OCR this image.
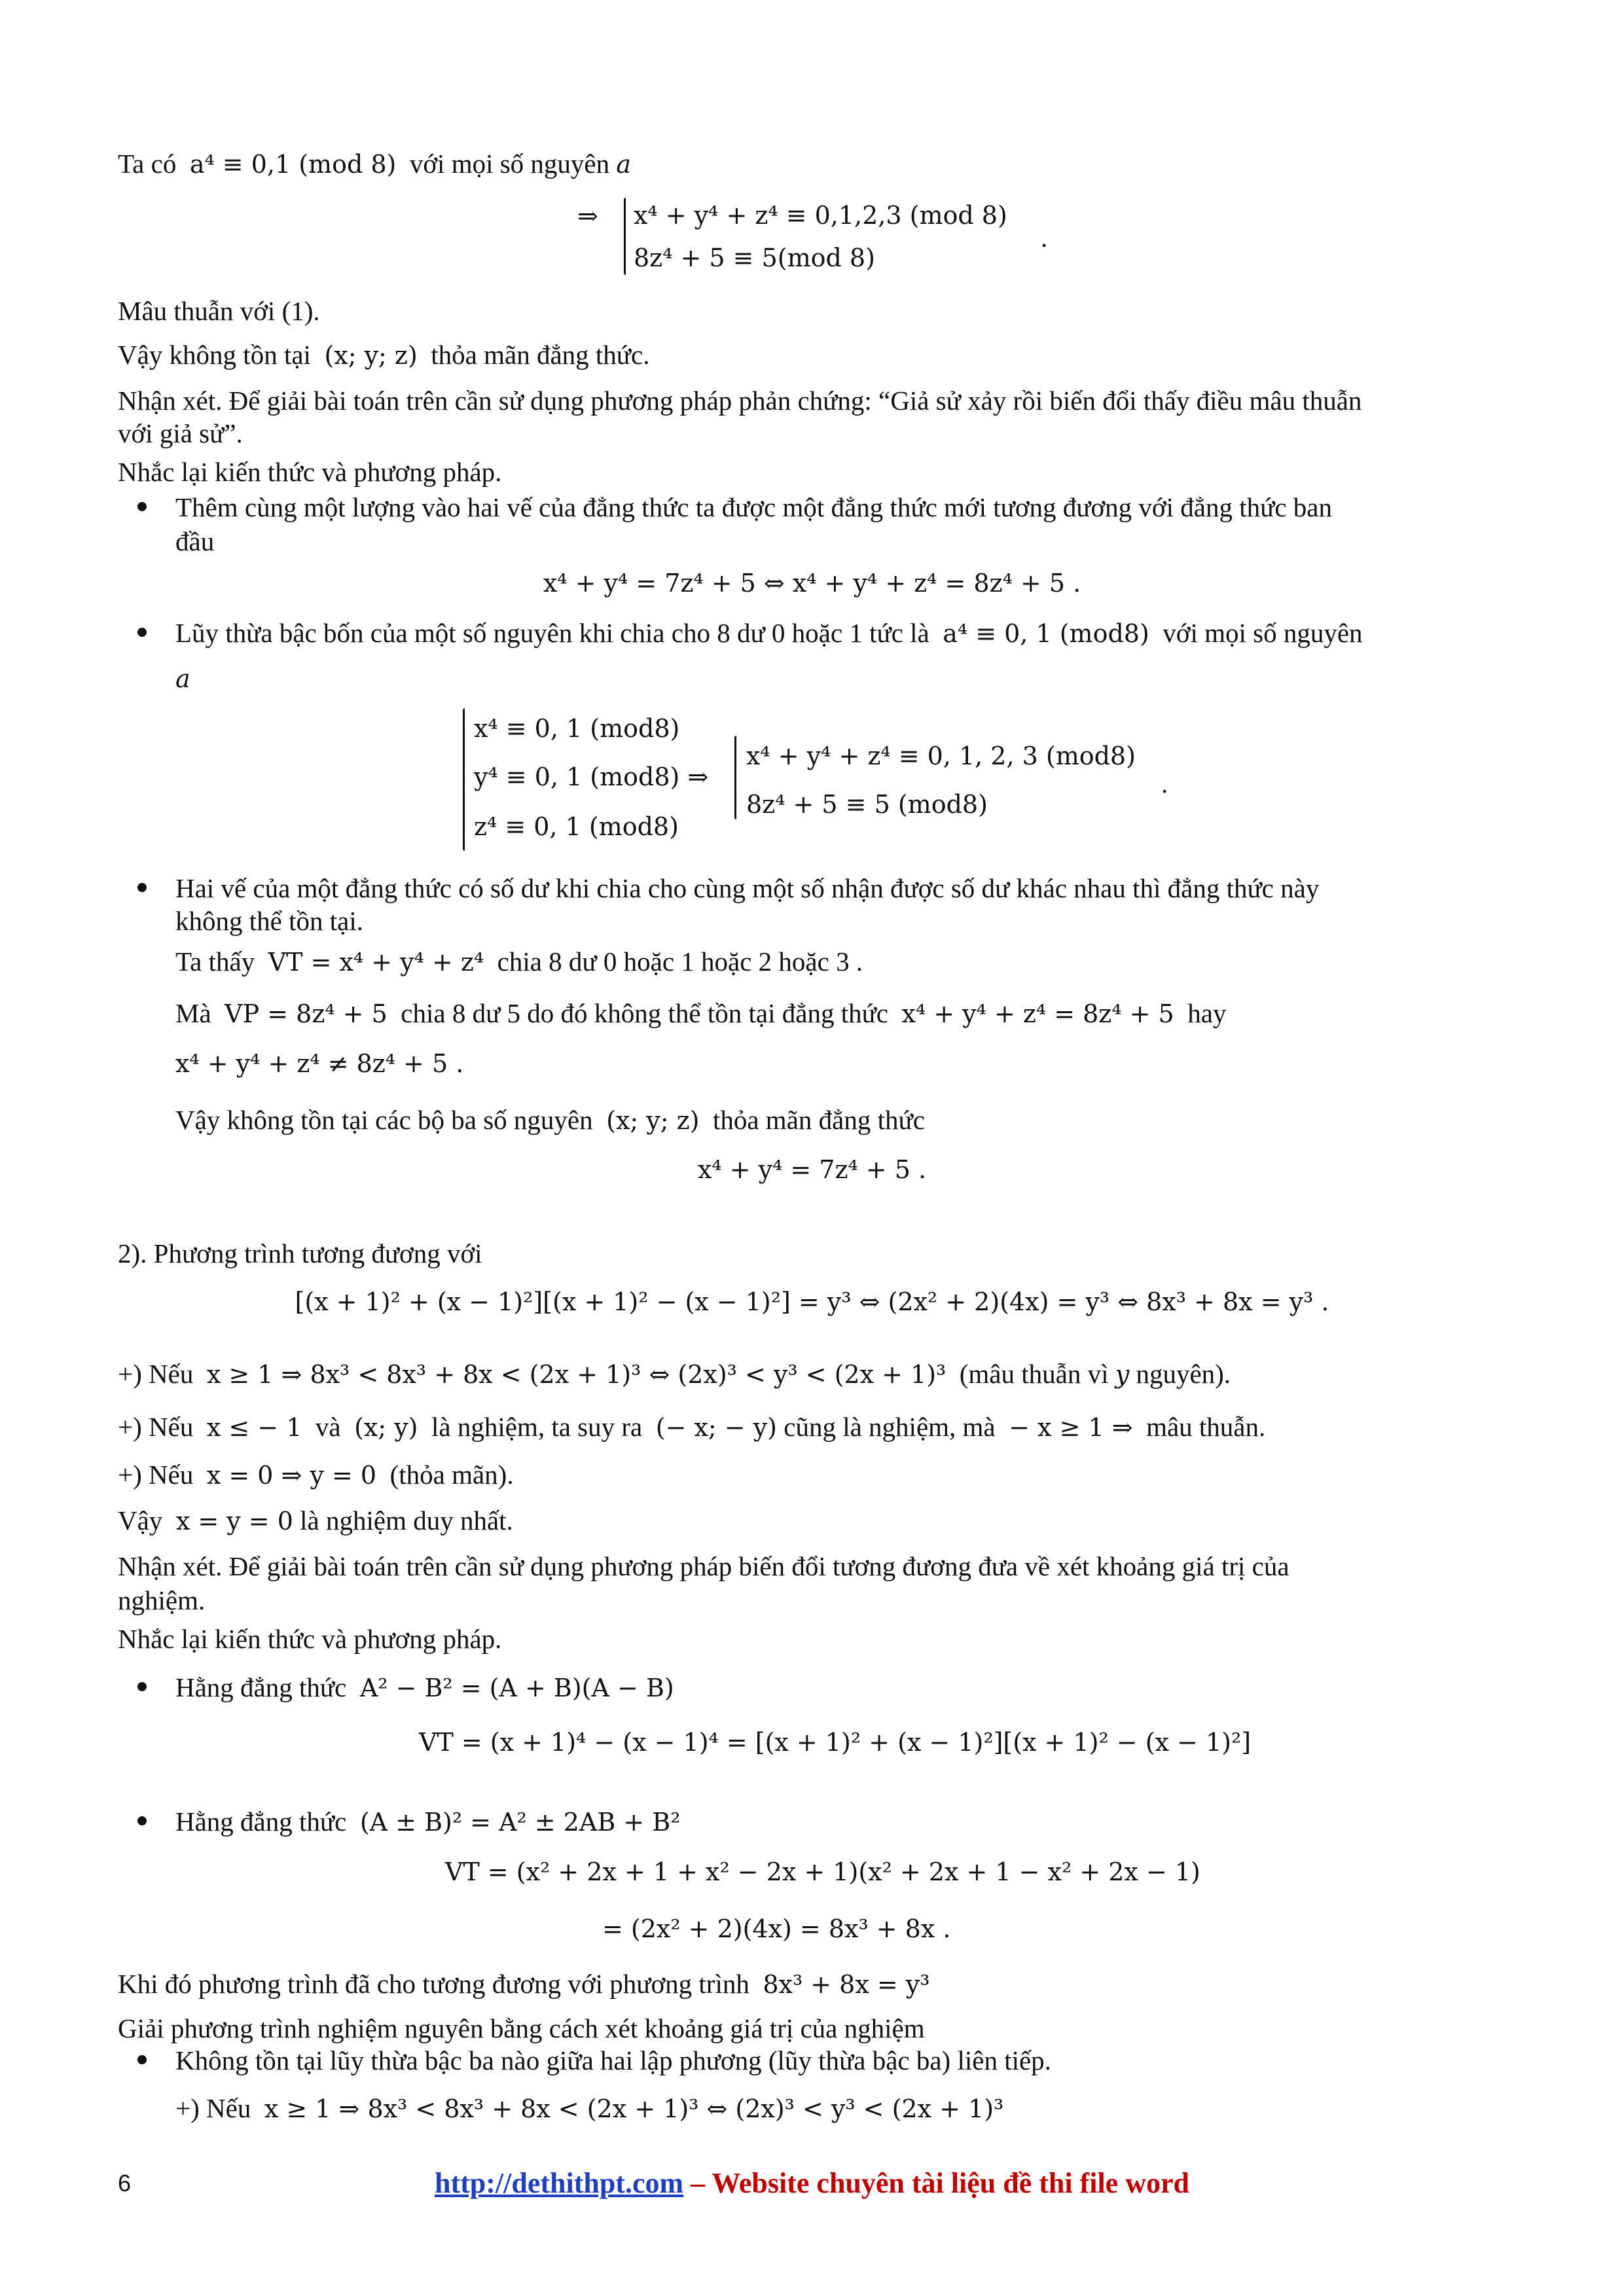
Ta có a⁴ ≡ 0,1 (mod 8) với mọi số nguyên a
⇒ x⁴ + y⁴ + z⁴ ≡ 0,1,2,3 (mod 8)
8z⁴ + 5 ≡ 5(mod 8)
.
Mâu thuẫn với (1).
Vậy không tồn tại (x; y; z) thỏa mãn đẳng thức.
Nhận xét. Để giải bài toán trên cần sử dụng phương pháp phản chứng: “Giả sử xảy rồi biến đổi thấy điều mâu thuẫn
với giả sử”.
Nhắc lại kiến thức và phương pháp.
Thêm cùng một lượng vào hai vế của đẳng thức ta được một đẳng thức mới tương đương với đẳng thức ban
đầu
x⁴ + y⁴ = 7z⁴ + 5 ⇔ x⁴ + y⁴ + z⁴ = 8z⁴ + 5 .
Lũy thừa bậc bốn của một số nguyên khi chia cho 8 dư 0 hoặc 1 tức là a⁴ ≡ 0, 1 (mod8) với mọi số nguyên
a
x⁴ ≡ 0, 1 (mod8)
y⁴ ≡ 0, 1 (mod8) ⇒
z⁴ ≡ 0, 1 (mod8)
x⁴ + y⁴ + z⁴ ≡ 0, 1, 2, 3 (mod8)
8z⁴ + 5 ≡ 5 (mod8)
.
Hai vế của một đẳng thức có số dư khi chia cho cùng một số nhận được số dư khác nhau thì đẳng thức này
không thể tồn tại.
Ta thấy VT = x⁴ + y⁴ + z⁴ chia 8 dư 0 hoặc 1 hoặc 2 hoặc 3 .
Mà VP = 8z⁴ + 5 chia 8 dư 5 do đó không thể tồn tại đẳng thức x⁴ + y⁴ + z⁴ = 8z⁴ + 5 hay
x⁴ + y⁴ + z⁴ ≠ 8z⁴ + 5 .
Vậy không tồn tại các bộ ba số nguyên (x; y; z) thỏa mãn đẳng thức
x⁴ + y⁴ = 7z⁴ + 5 .
2). Phương trình tương đương với
[(x + 1)² + (x − 1)²][(x + 1)² − (x − 1)²] = y³ ⇔ (2x² + 2)(4x) = y³ ⇔ 8x³ + 8x = y³ .
+) Nếu x ≥ 1 ⇒ 8x³ < 8x³ + 8x < (2x + 1)³ ⇔ (2x)³ < y³ < (2x + 1)³ (mâu thuẫn vì y nguyên).
+) Nếu x ≤ − 1 và (x; y) là nghiệm, ta suy ra (− x; − y) cũng là nghiệm, mà − x ≥ 1 ⇒ mâu thuẫn.
+) Nếu x = 0 ⇒ y = 0 (thỏa mãn).
Vậy x = y = 0 là nghiệm duy nhất.
Nhận xét. Để giải bài toán trên cần sử dụng phương pháp biến đổi tương đương đưa về xét khoảng giá trị của
nghiệm.
Nhắc lại kiến thức và phương pháp.
Hằng đẳng thức A² − B² = (A + B)(A − B)
VT = (x + 1)⁴ − (x − 1)⁴ = [(x + 1)² + (x − 1)²][(x + 1)² − (x − 1)²]
Hằng đẳng thức (A ± B)² = A² ± 2AB + B²
VT = (x² + 2x + 1 + x² − 2x + 1)(x² + 2x + 1 − x² + 2x − 1)
= (2x² + 2)(4x) = 8x³ + 8x .
Khi đó phương trình đã cho tương đương với phương trình 8x³ + 8x = y³
Giải phương trình nghiệm nguyên bằng cách xét khoảng giá trị của nghiệm
Không tồn tại lũy thừa bậc ba nào giữa hai lập phương (lũy thừa bậc ba) liên tiếp.
+) Nếu x ≥ 1 ⇒ 8x³ < 8x³ + 8x < (2x + 1)³ ⇔ (2x)³ < y³ < (2x + 1)³
6	http://dethithpt.com – Website chuyên tài liệu đề thi file word
